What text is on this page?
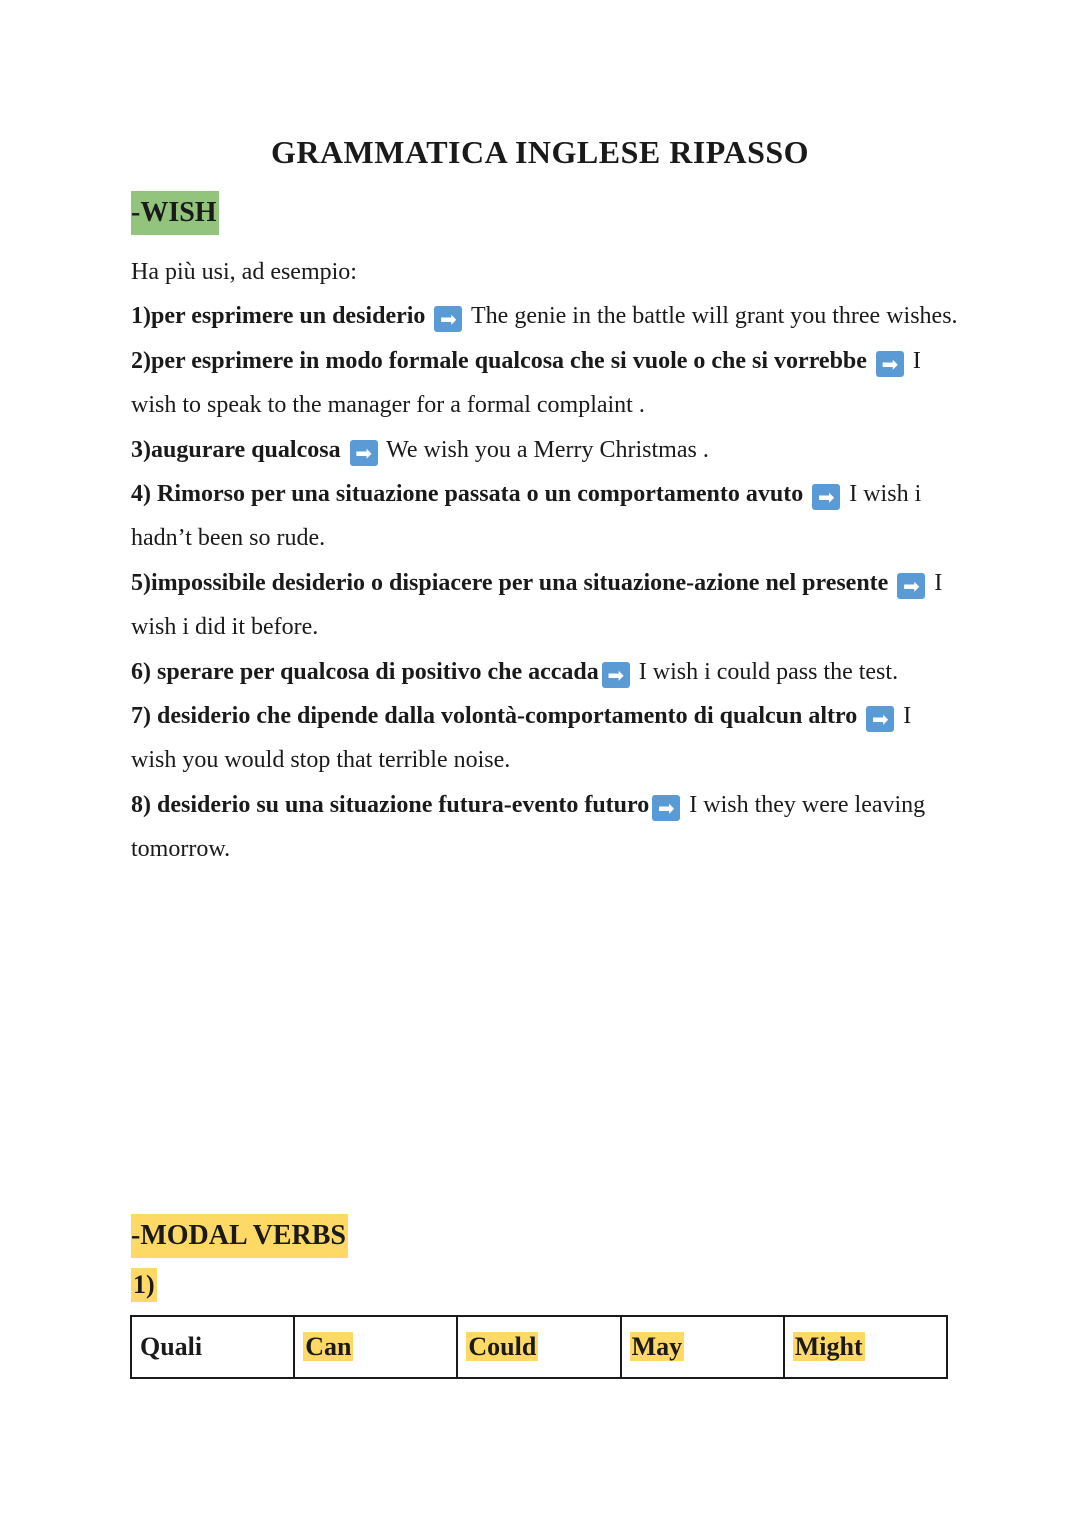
GRAMMATICA INGLESE RIPASSO
-WISH

Ha più usi, ad esempio:

1)per esprimere un desiderio ➡ The genie in the battle will grant you three wishes.

2)per esprimere in modo formale qualcosa che si vuole o che si vorrebbe ➡ I wish to speak to the manager for a formal complaint .

3)augurare qualcosa ➡ We wish you a Merry Christmas .

4) Rimorso per una situazione passata o un comportamento avuto ➡ I wish i hadn’t been so rude.

5)impossibile desiderio o dispiacere per una situazione-azione nel presente ➡ I wish i did it before.

6) sperare per qualcosa di positivo che accada ➡ I wish i could pass the test.

7) desiderio che dipende dalla volontà-comportamento di qualcun altro ➡ I wish you would stop that terrible noise.

8) desiderio su una situazione futura-evento futuro ➡ I wish they were leaving tomorrow.

-MODAL VERBS
1)
Quali	Can	Could	May	Might
